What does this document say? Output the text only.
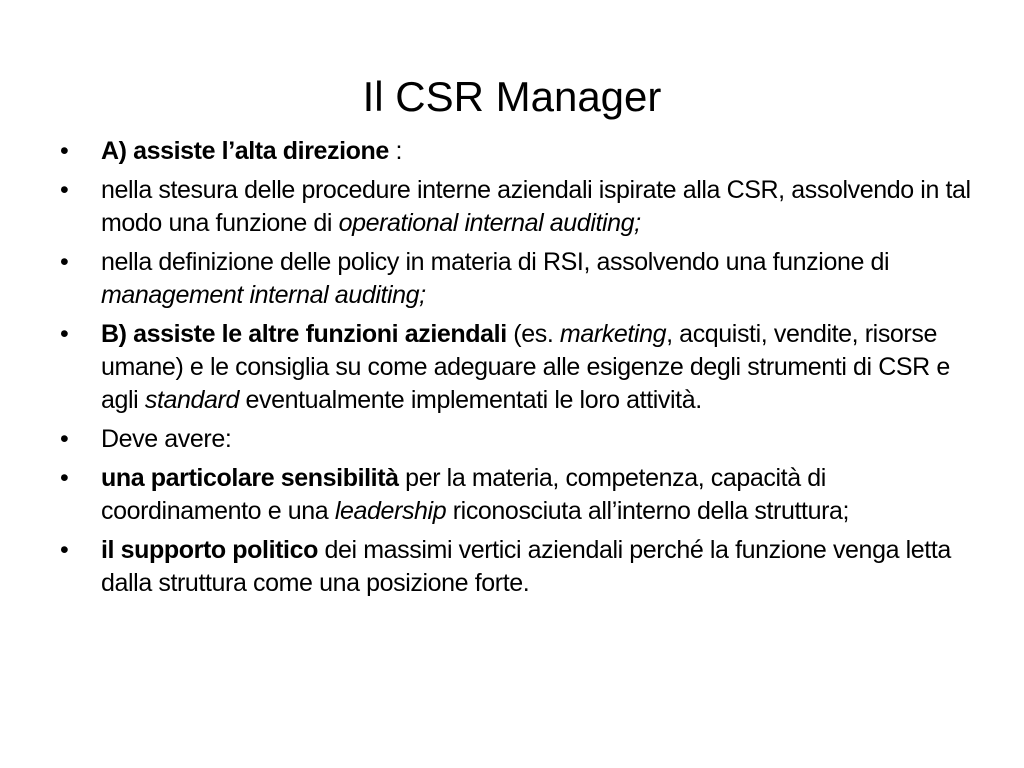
Il CSR Manager
• A) assiste l’alta direzione :
• nella stesura delle procedure interne aziendali ispirate alla CSR, assolvendo in tal modo una funzione di operational internal auditing;
• nella definizione delle policy in materia di RSI, assolvendo una funzione di management internal auditing;
• B) assiste le altre funzioni aziendali (es. marketing, acquisti, vendite, risorse umane) e le consiglia su come adeguare alle esigenze degli strumenti di CSR e agli standard eventualmente implementati le loro attività.
• Deve avere:
• una particolare sensibilità per la materia, competenza, capacità di coordinamento e una leadership riconosciuta all’interno della struttura;
• il supporto politico dei massimi vertici aziendali perché la funzione venga letta dalla struttura come una posizione forte.
